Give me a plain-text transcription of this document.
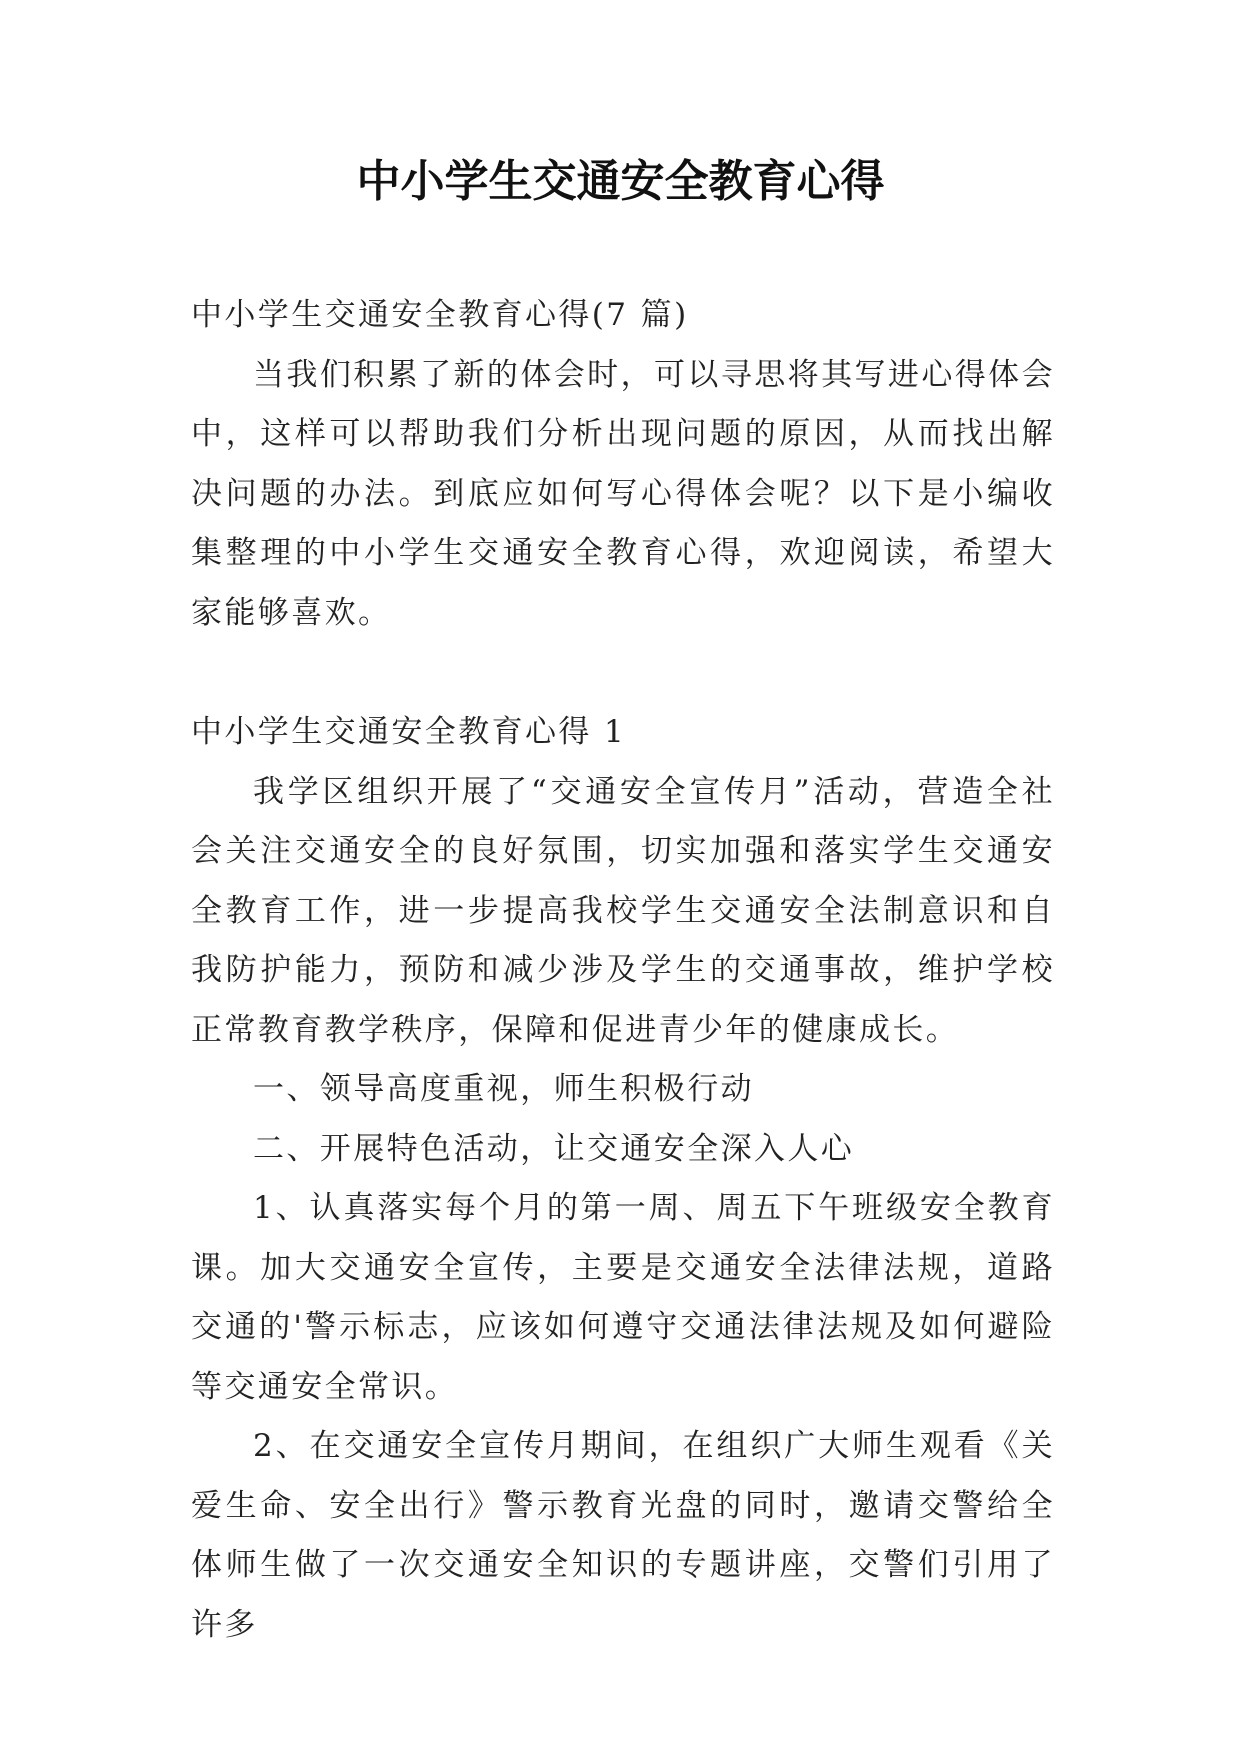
中小学生交通安全教育心得

中小学生交通安全教育心得(7 篇)

当我们积累了新的体会时，可以寻思将其写进心得体会中，这样可以帮助我们分析出现问题的原因，从而找出解决问题的办法。到底应如何写心得体会呢？以下是小编收集整理的中小学生交通安全教育心得，欢迎阅读，希望大家能够喜欢。

中小学生交通安全教育心得 1

我学区组织开展了“交通安全宣传月”活动，营造全社会关注交通安全的良好氛围，切实加强和落实学生交通安全教育工作，进一步提高我校学生交通安全法制意识和自我防护能力，预防和减少涉及学生的交通事故，维护学校正常教育教学秩序，保障和促进青少年的健康成长。

一、领导高度重视，师生积极行动

二、开展特色活动，让交通安全深入人心

1、认真落实每个月的第一周、周五下午班级安全教育课。加大交通安全宣传，主要是交通安全法律法规，道路交通的'警示标志，应该如何遵守交通法律法规及如何避险等交通安全常识。

2、在交通安全宣传月期间，在组织广大师生观看《关爱生命、安全出行》警示教育光盘的同时，邀请交警给全体师生做了一次交通安全知识的专题讲座，交警们引用了许多
